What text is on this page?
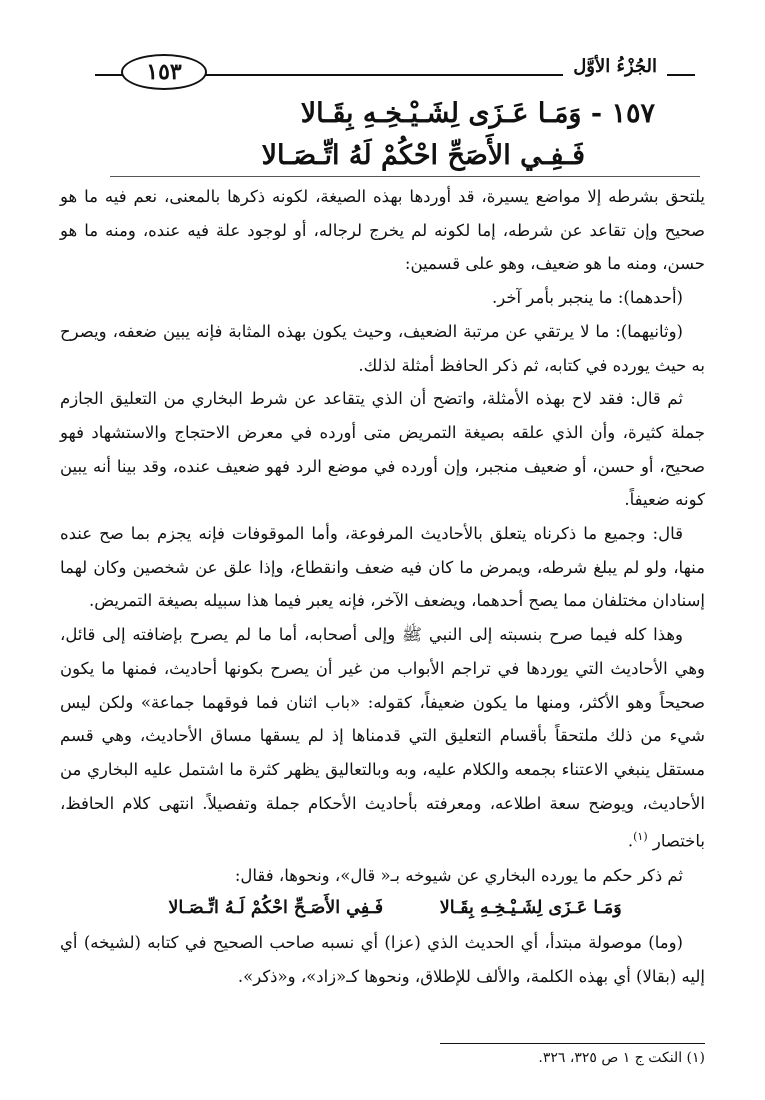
الجُزْءُ الأوَّل
١٥٣
١٥٧ - وَمَـا عَـزَى لِشَـيْـخِـهِ بِقَـالا
فَـفِـي الأَصَحِّ احْكُمْ لَهُ اتِّـصَـالا

يلتحق بشرطه إلا مواضع يسيرة، قد أوردها بهذه الصيغة، لكونه ذكرها بالمعنى، نعم فيه ما هو صحيح وإن تقاعد عن شرطه، إما لكونه لم يخرج لرجاله، أو لوجود علة فيه عنده، ومنه ما هو حسن، ومنه ما هو ضعيف، وهو على قسمين:

(أحدهما): ما ينجبر بأمر آخر.

(وثانيهما): ما لا يرتقي عن مرتبة الضعيف، وحيث يكون بهذه المثابة فإنه يبين ضعفه، ويصرح به حيث يورده في كتابه، ثم ذكر الحافظ أمثلة لذلك.

ثم قال: فقد لاح بهذه الأمثلة، واتضح أن الذي يتقاعد عن شرط البخاري من التعليق الجازم جملة كثيرة، وأن الذي علقه بصيغة التمريض متى أورده في معرض الاحتجاج والاستشهاد فهو صحيح، أو حسن، أو ضعيف منجبر، وإن أورده في موضع الرد فهو ضعيف عنده، وقد بينا أنه يبين كونه ضعيفاً.

قال: وجميع ما ذكرناه يتعلق بالأحاديث المرفوعة، وأما الموقوفات فإنه يجزم بما صح عنده منها، ولو لم يبلغ شرطه، ويمرض ما كان فيه ضعف وانقطاع، وإذا علق عن شخصين وكان لهما إسنادان مختلفان مما يصح أحدهما، ويضعف الآخر، فإنه يعبر فيما هذا سبيله بصيغة التمريض.

وهذا كله فيما صرح بنسبته إلى النبي ﷺ وإلى أصحابه، أما ما لم يصرح بإضافته إلى قائل، وهي الأحاديث التي يوردها في تراجم الأبواب من غير أن يصرح بكونها أحاديث، فمنها ما يكون صحيحاً وهو الأكثر، ومنها ما يكون ضعيفاً، كقوله: «باب اثنان فما فوقهما جماعة» ولكن ليس شيء من ذلك ملتحقاً بأقسام التعليق التي قدمناها إذ لم يسقها مساق الأحاديث، وهي قسم مستقل ينبغي الاعتناء بجمعه والكلام عليه، وبه وبالتعاليق يظهر كثرة ما اشتمل عليه البخاري من الأحاديث، ويوضح سعة اطلاعه، ومعرفته بأحاديث الأحكام جملة وتفصيلاً. انتهى كلام الحافظ، باختصار $^{(١)}$.

ثم ذكر حكم ما يورده البخاري عن شيوخه بـ« قال»، ونحوها، فقال:

وَمَـا عَـزَى لِشَـيْـخِـهِ بِقَـالا
فَـفِي الأَصَـحِّ احْكُمْ لَـهُ اتِّـصَـالا

(وما) موصولة مبتدأ، أي الحديث الذي (عزا) أي نسبه صاحب الصحيح في كتابه (لشيخه) أي إليه (بقالا) أي بهذه الكلمة، والألف للإطلاق، ونحوها كـ«زاد»، و«ذكر».

(١) النكت ج ١ ص ٣٢٥، ٣٢٦.
